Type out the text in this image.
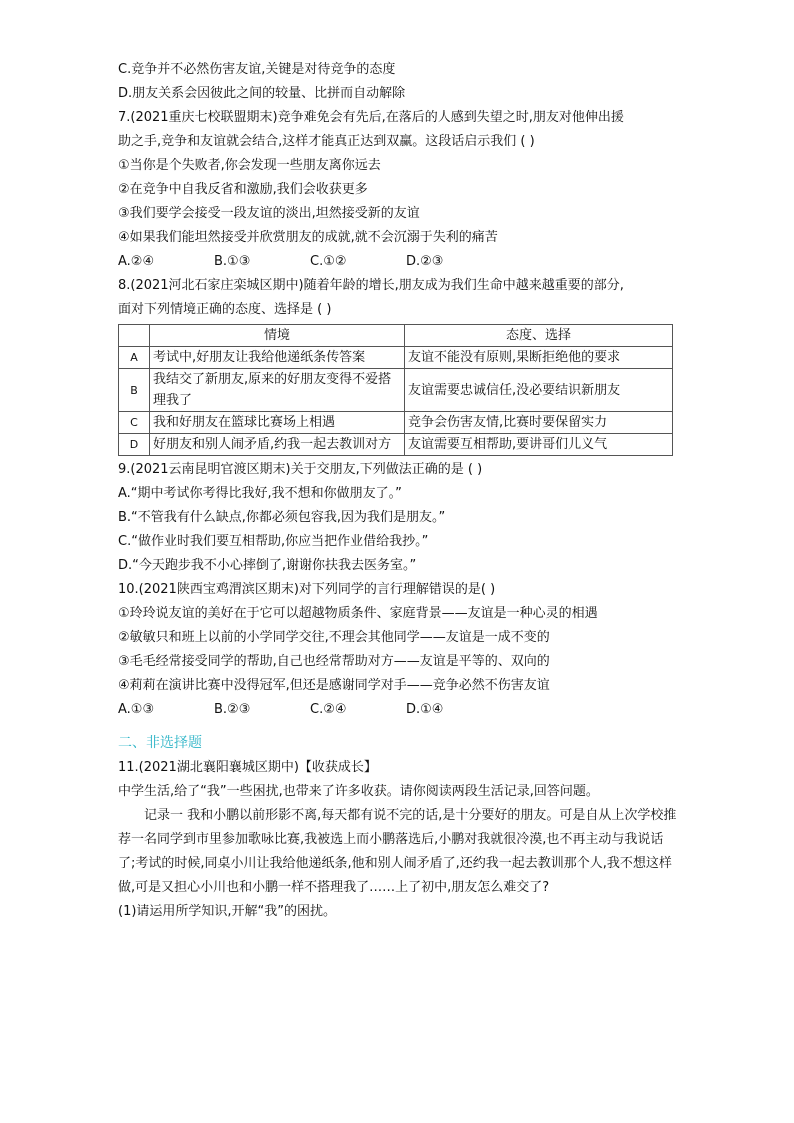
C.竞争并不必然伤害友谊,关键是对待竞争的态度
D.朋友关系会因彼此之间的较量、比拼而自动解除
7.(2021重庆七校联盟期末)竞争难免会有先后,在落后的人感到失望之时,朋友对他伸出援
助之手,竞争和友谊就会结合,这样才能真正达到双赢。这段话启示我们 ( )
①当你是个失败者,你会发现一些朋友离你远去
②在竞争中自我反省和激励,我们会收获更多
③我们要学会接受一段友谊的淡出,坦然接受新的友谊
④如果我们能坦然接受并欣赏朋友的成就,就不会沉溺于失利的痛苦
A.②④	B.①③	C.①②	D.②③
8.(2021河北石家庄栾城区期中)随着年龄的增长,朋友成为我们生命中越来越重要的部分,
面对下列情境正确的态度、选择是 ( )
	情境	态度、选择
A	考试中,好朋友让我给他递纸条传答案	友谊不能没有原则,果断拒绝他的要求
B	我结交了新朋友,原来的好朋友变得不爱搭理我了	友谊需要忠诚信任,没必要结识新朋友
C	我和好朋友在篮球比赛场上相遇	竞争会伤害友情,比赛时要保留实力
D	好朋友和别人闹矛盾,约我一起去教训对方	友谊需要互相帮助,要讲哥们儿义气
9.(2021云南昆明官渡区期末)关于交朋友,下列做法正确的是 ( )
A.“期中考试你考得比我好,我不想和你做朋友了。”
B.“不管我有什么缺点,你都必须包容我,因为我们是朋友。”
C.“做作业时我们要互相帮助,你应当把作业借给我抄。”
D.“今天跑步我不小心摔倒了,谢谢你扶我去医务室。”
10.(2021陕西宝鸡渭滨区期末)对下列同学的言行理解错误的是( )
①玲玲说友谊的美好在于它可以超越物质条件、家庭背景——友谊是一种心灵的相遇
②敏敏只和班上以前的小学同学交往,不理会其他同学——友谊是一成不变的
③毛毛经常接受同学的帮助,自己也经常帮助对方——友谊是平等的、双向的
④莉莉在演讲比赛中没得冠军,但还是感谢同学对手——竞争必然不伤害友谊
A.①③	B.②③	C.②④	D.①④
二、非选择题
11.(2021湖北襄阳襄城区期中)【收获成长】
中学生活,给了“我”一些困扰,也带来了许多收获。请你阅读两段生活记录,回答问题。
记录一 我和小鹏以前形影不离,每天都有说不完的话,是十分要好的朋友。可是自从上次学校推荐一名同学到市里参加歌咏比赛,我被选上而小鹏落选后,小鹏对我就很冷漠,也不再主动与我说话了;考试的时候,同桌小川让我给他递纸条,他和别人闹矛盾了,还约我一起去教训那个人,我不想这样做,可是又担心小川也和小鹏一样不搭理我了……上了初中,朋友怎么难交了?
(1)请运用所学知识,开解“我”的困扰。
